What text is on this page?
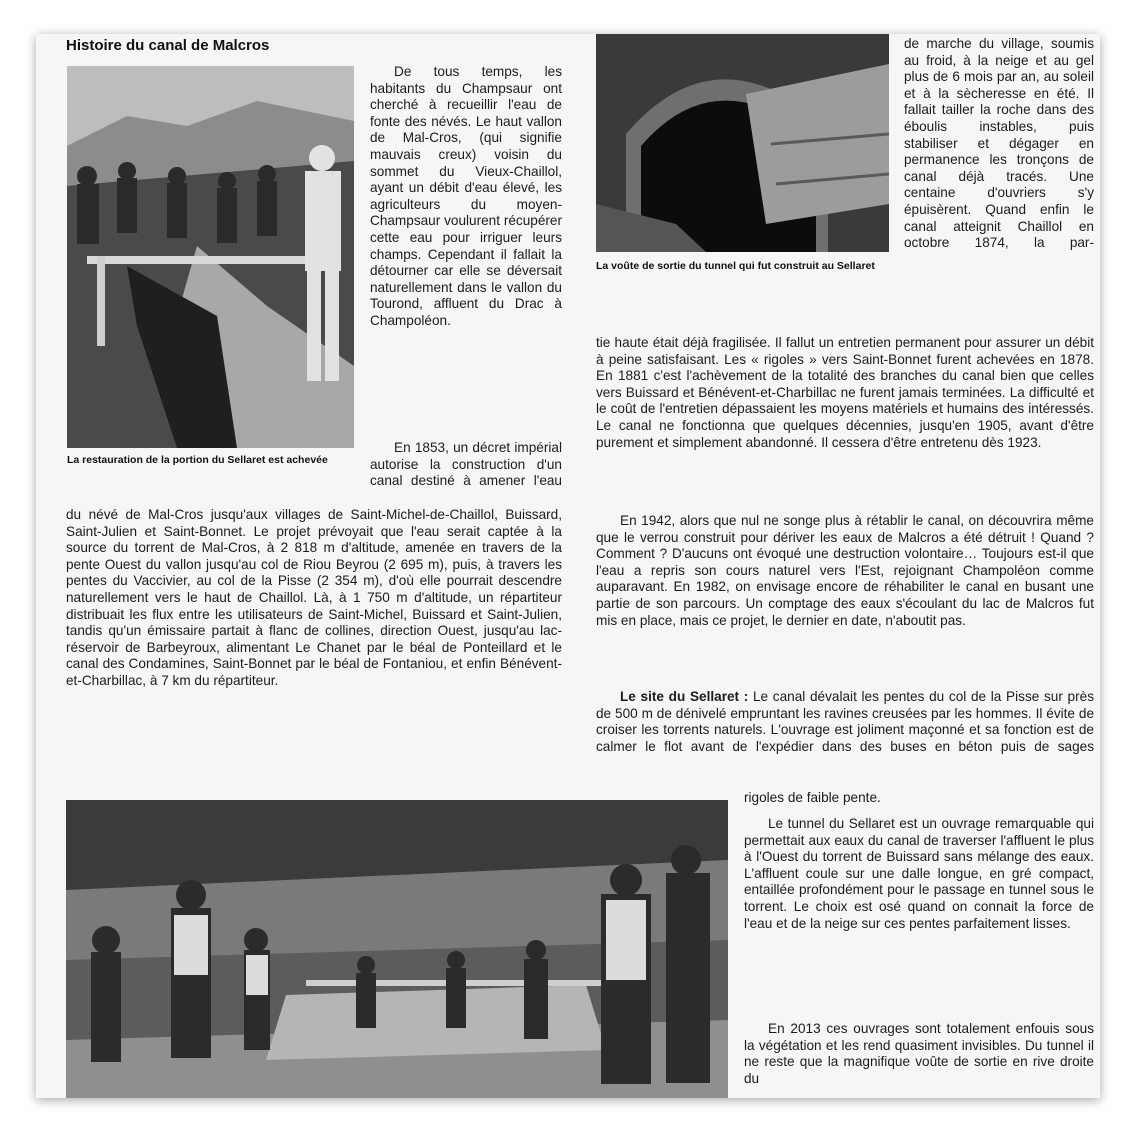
Histoire du canal de Malcros

La restauration de la portion du Sellaret est achevée

La voûte de sortie du tunnel qui fut construit au Sellaret

De tous temps, les habitants du Champsaur ont cherché à recueillir l'eau de fonte des névés. Le haut vallon de Mal-Cros, (qui signifie mauvais creux) voisin du sommet du Vieux-Chaillol, ayant un débit d'eau élevé, les agriculteurs du moyen-Champsaur voulurent récupérer cette eau pour irriguer leurs champs. Cependant il fallait la détourner car elle se déversait naturellement dans le vallon du Tourond, affluent du Drac à Champoléon.

En 1853, un décret impérial autorise la construction d'un canal destiné à amener l'eau

du névé de Mal-Cros jusqu'aux villages de Saint-Michel-de-Chaillol, Buissard, Saint-Julien et Saint-Bonnet. Le projet prévoyait que l'eau serait captée à la source du torrent de Mal-Cros, à 2 818 m d'altitude, amenée en travers de la pente Ouest du vallon jusqu'au col de Riou Beyrou (2 695 m), puis, à travers les pentes du Vaccivier, au col de la Pisse (2 354 m), d'où elle pourrait descendre naturellement vers le haut de Chaillol. Là, à 1 750 m d'altitude, un répartiteur distribuait les flux entre les utilisateurs de Saint-Michel, Buissard et Saint-Julien, tandis qu'un émissaire partait à flanc de collines, direction Ouest, jusqu'au lac-réservoir de Barbeyroux, alimentant Le Chanet par le béal de Ponteillard et le canal des Condamines, Saint-Bonnet par le béal de Fontaniou, et enfin Bénévent-et-Charbillac, à 7 km du répartiteur.

de marche du village, soumis au froid, à la neige et au gel plus de 6 mois par an, au soleil et à la sècheresse en été. Il fallait tailler la roche dans des éboulis instables, puis stabiliser et dégager en permanence les tronçons de canal déjà tracés. Une centaine d'ouvriers s'y épuisèrent. Quand enfin le canal atteignit Chaillol en octobre 1874, la par-

tie haute était déjà fragilisée. Il fallut un entretien permanent pour assurer un débit à peine satisfaisant. Les « rigoles » vers Saint-Bonnet furent achevées en 1878. En 1881 c'est l'achèvement de la totalité des branches du canal bien que celles vers Buissard et Bénévent-et-Charbillac ne furent jamais terminées. La difficulté et le coût de l'entretien dépassaient les moyens matériels et humains des intéressés. Le canal ne fonctionna que quelques décennies, jusqu'en 1905, avant d'être purement et simplement abandonné. Il cessera d'être entretenu dès 1923.

En 1942, alors que nul ne songe plus à rétablir le canal, on découvrira même que le verrou construit pour dériver les eaux de Malcros a été détruit ! Quand ? Comment ? D'aucuns ont évoqué une destruction volontaire… Toujours est-il que l'eau a repris son cours naturel vers l'Est, rejoignant Champoléon comme auparavant. En 1982, on envisage encore de réhabiliter le canal en busant une partie de son parcours. Un comptage des eaux s'écoulant du lac de Malcros fut mis en place, mais ce projet, le dernier en date, n'aboutit pas.

Le site du Sellaret : Le canal dévalait les pentes du col de la Pisse sur près de 500 m de dénivelé empruntant les ravines creusées par les hommes. Il évite de croiser les torrents naturels. L'ouvrage est joliment maçonné et sa fonction est de calmer le flot avant de l'expédier dans des buses en béton puis de sages

rigoles de faible pente.

Le tunnel du Sellaret est un ouvrage remarquable qui permettait aux eaux du canal de traverser l'affluent le plus à l'Ouest du torrent de Buissard sans mélange des eaux. L'affluent coule sur une dalle longue, en gré compact, entaillée profondément pour le passage en tunnel sous le torrent. Le choix est osé quand on connait la force de l'eau et de la neige sur ces pentes parfaitement lisses.

En 2013 ces ouvrages sont totalement enfouis sous la végétation et les rend quasiment invisibles. Du tunnel il ne reste que la magnifique voûte de sortie en rive droite du
